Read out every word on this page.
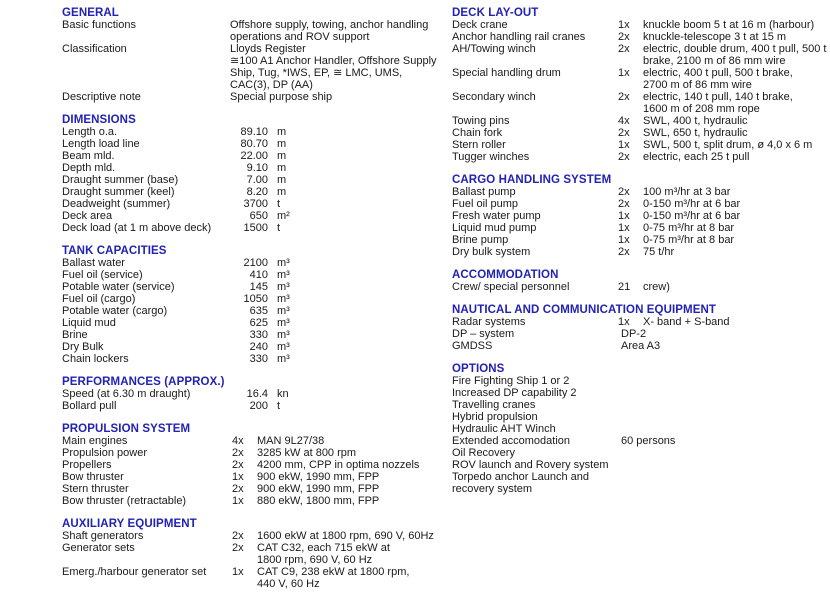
GENERAL
Basic functions	Offshore supply, towing, anchor handling
operations and ROV support
Classification	Lloyds Register
≅100 A1 Anchor Handler, Offshore Supply
Ship, Tug, *IWS, EP, ≅ LMC, UMS,
CAC(3), DP (AA)
Descriptive note	Special purpose ship
DIMENSIONS
Length o.a.	89.10 m
Length load line	80.70 m
Beam mld.	22.00 m
Depth mld.	9.10 m
Draught summer (base)	7.00 m
Draught summer (keel)	8.20 m
Deadweight (summer)	3700 t
Deck area	650 m²
Deck load (at 1 m above deck)	1500 t
TANK CAPACITIES
Ballast water	2100 m³
Fuel oil (service)	410 m³
Potable water (service)	145 m³
Fuel oil (cargo)	1050 m³
Potable water (cargo)	635 m³
Liquid mud	625 m³
Brine	330 m³
Dry Bulk	240 m³
Chain lockers	330 m³
PERFORMANCES (APPROX.)
Speed (at 6.30 m draught)	16.4 kn
Bollard pull	200 t
PROPULSION SYSTEM
Main engines	4x	MAN 9L27/38
Propulsion power	2x	3285 kW at 800 rpm
Propellers	2x	4200 mm, CPP in optima nozzels
Bow thruster	1x	900 ekW, 1990 mm, FPP
Stern thruster	2x	900 ekW, 1990 mm, FPP
Bow thruster (retractable)	1x	880 ekW, 1800 mm, FPP
AUXILIARY EQUIPMENT
Shaft generators	2x	1600 ekW at 1800 rpm, 690 V, 60Hz
Generator sets	2x	CAT C32, each 715 ekW at
1800 rpm, 690 V, 60 Hz
Emerg./harbour generator set	1x	CAT C9, 238 ekW at 1800 rpm,
440 V, 60 Hz
DECK LAY-OUT
Deck crane	1x	knuckle boom 5 t at 16 m (harbour)
Anchor handling rail cranes	2x	knuckle-telescope 3 t at 15 m
AH/Towing winch	2x	electric, double drum, 400 t pull, 500 t
brake, 2100 m of 86 mm wire
Special handling drum	1x	electric, 400 t pull, 500 t brake,
2700 m of 86 mm wire
Secondary winch	2x	electric, 140 t pull, 140 t brake,
1600 m of 208 mm rope
Towing pins	4x	SWL, 400 t, hydraulic
Chain fork	2x	SWL, 650 t, hydraulic
Stern roller	1x	SWL, 500 t, split drum, ø 4,0 x 6 m
Tugger winches	2x	electric, each 25 t pull
CARGO HANDLING SYSTEM
Ballast pump	2x	100 m³/hr at 3 bar
Fuel oil pump	2x	0-150 m³/hr at 6 bar
Fresh water pump	1x	0-150 m³/hr at 6 bar
Liquid mud pump	1x	0-75 m³/hr at 8 bar
Brine pump	1x	0-75 m³/hr at 8 bar
Dry bulk system	2x	75 t/hr
ACCOMMODATION
Crew/ special personnel	21	crew)
NAUTICAL AND COMMUNICATION EQUIPMENT
Radar systems	1x	X- band + S-band
DP – system	DP-2
GMDSS	Area A3
OPTIONS
Fire Fighting Ship 1 or 2
Increased DP capability 2
Travelling cranes
Hybrid propulsion
Hydraulic AHT Winch
Extended accomodation	60 persons
Oil Recovery
ROV launch and Rovery system
Torpedo anchor Launch and
recovery system
